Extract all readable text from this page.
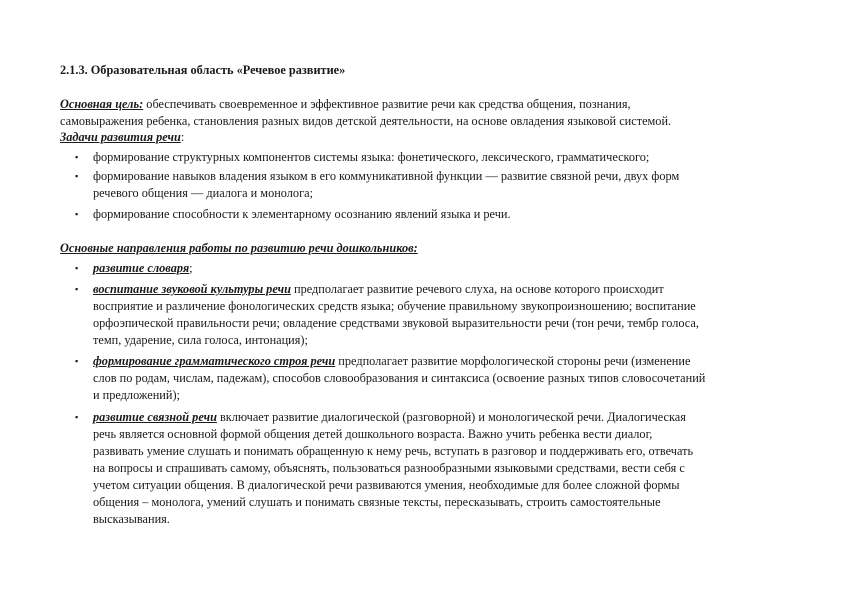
2.1.3. Образовательная область «Речевое развитие»
Основная цель: обеспечивать своевременное и эффективное развитие речи как средства общения, познания,
самовыражения ребенка, становления разных видов детской деятельности, на основе овладения языковой системой.
Задачи развития речи:
▪ формирование структурных компонентов системы языка: фонетического, лексического, грамматического;
▪ формирование навыков владения языком в его коммуникативной функции — развитие связной речи, двух форм
речевого общения — диалога и монолога;
▪ формирование способности к элементарному осознанию явлений языка и речи.
Основные направления работы по развитию речи дошкольников:
▪ развитие словаря;
▪ воспитание звуковой культуры речи предполагает развитие речевого слуха, на основе которого происходит
восприятие и различение фонологических средств языка; обучение правильному звукопроизношению; воспитание
орфоэпической правильности речи; овладение средствами звуковой выразительности речи (тон речи, тембр голоса,
темп, ударение, сила голоса, интонация);
▪ формирование грамматического строя речи предполагает развитие морфологической стороны речи (изменение
слов по родам, числам, падежам), способов словообразования и синтаксиса (освоение разных типов словосочетаний
и предложений);
▪ развитие связной речи включает развитие диалогической (разговорной) и монологической речи. Диалогическая
речь является основной формой общения детей дошкольного возраста. Важно учить ребенка вести диалог,
развивать умение слушать и понимать обращенную к нему речь, вступать в разговор и поддерживать его, отвечать
на вопросы и спрашивать самому, объяснять, пользоваться разнообразными языковыми средствами, вести себя с
учетом ситуации общения. В диалогической речи развиваются умения, необходимые для более сложной формы
общения – монолога, умений слушать и понимать связные тексты, пересказывать, строить самостоятельные
высказывания.
